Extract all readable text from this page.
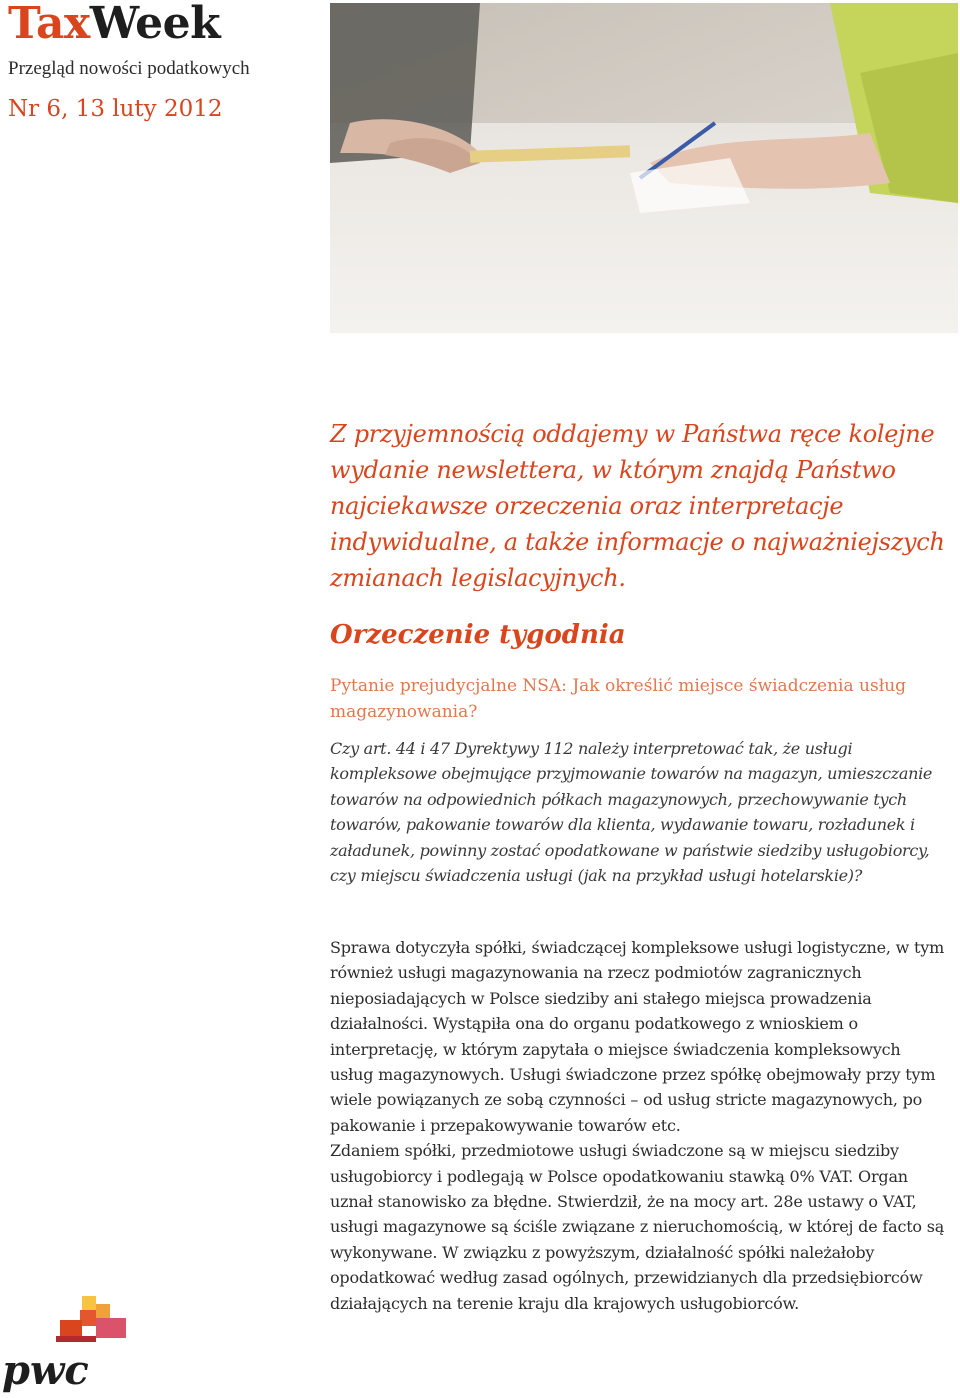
TaxWeek
Przegląd nowości podatkowych
Nr 6, 13 luty 2012
Z przyjemnością oddajemy w Państwa ręce kolejne wydanie newslettera, w którym znajdą Państwo najciekawsze orzeczenia oraz interpretacje indywidualne, a także informacje o najważniejszych zmianach legislacyjnych.
Orzeczenie tygodnia
Pytanie prejudycjalne NSA: Jak określić miejsce świadczenia usług magazynowania?
Czy art. 44 i 47 Dyrektywy 112 należy interpretować tak, że usługi kompleksowe obejmujące przyjmowanie towarów na magazyn, umieszczanie towarów na odpowiednich półkach magazynowych, przechowywanie tych towarów, pakowanie towarów dla klienta, wydawanie towaru, rozładunek i załadunek, powinny zostać opodatkowane w państwie siedziby usługobiorcy, czy miejscu świadczenia usługi (jak na przykład usługi hotelarskie)?

Sprawa dotyczyła spółki, świadczącej kompleksowe usługi logistyczne, w tym również usługi magazynowania na rzecz podmiotów zagranicznych nieposiadających w Polsce siedziby ani stałego miejsca prowadzenia działalności. Wystąpiła ona do organu podatkowego z wnioskiem o interpretację, w którym zapytała o miejsce świadczenia kompleksowych usług magazynowych. Usługi świadczone przez spółkę obejmowały przy tym wiele powiązanych ze sobą czynności – od usług stricte magazynowych, po pakowanie i przepakowywanie towarów etc.

Zdaniem spółki, przedmiotowe usługi świadczone są w miejscu siedziby usługobiorcy i podlegają w Polsce opodatkowaniu stawką 0% VAT. Organ uznał stanowisko za błędne. Stwierdził, że na mocy art. 28e ustawy o VAT, usługi magazynowe są ściśle związane z nieruchomością, w której de facto są wykonywane. W związku z powyższym, działalność spółki należałoby opodatkować według zasad ogólnych, przewidzianych dla przedsiębiorców działających na terenie kraju dla krajowych usługobiorców.

pwc
